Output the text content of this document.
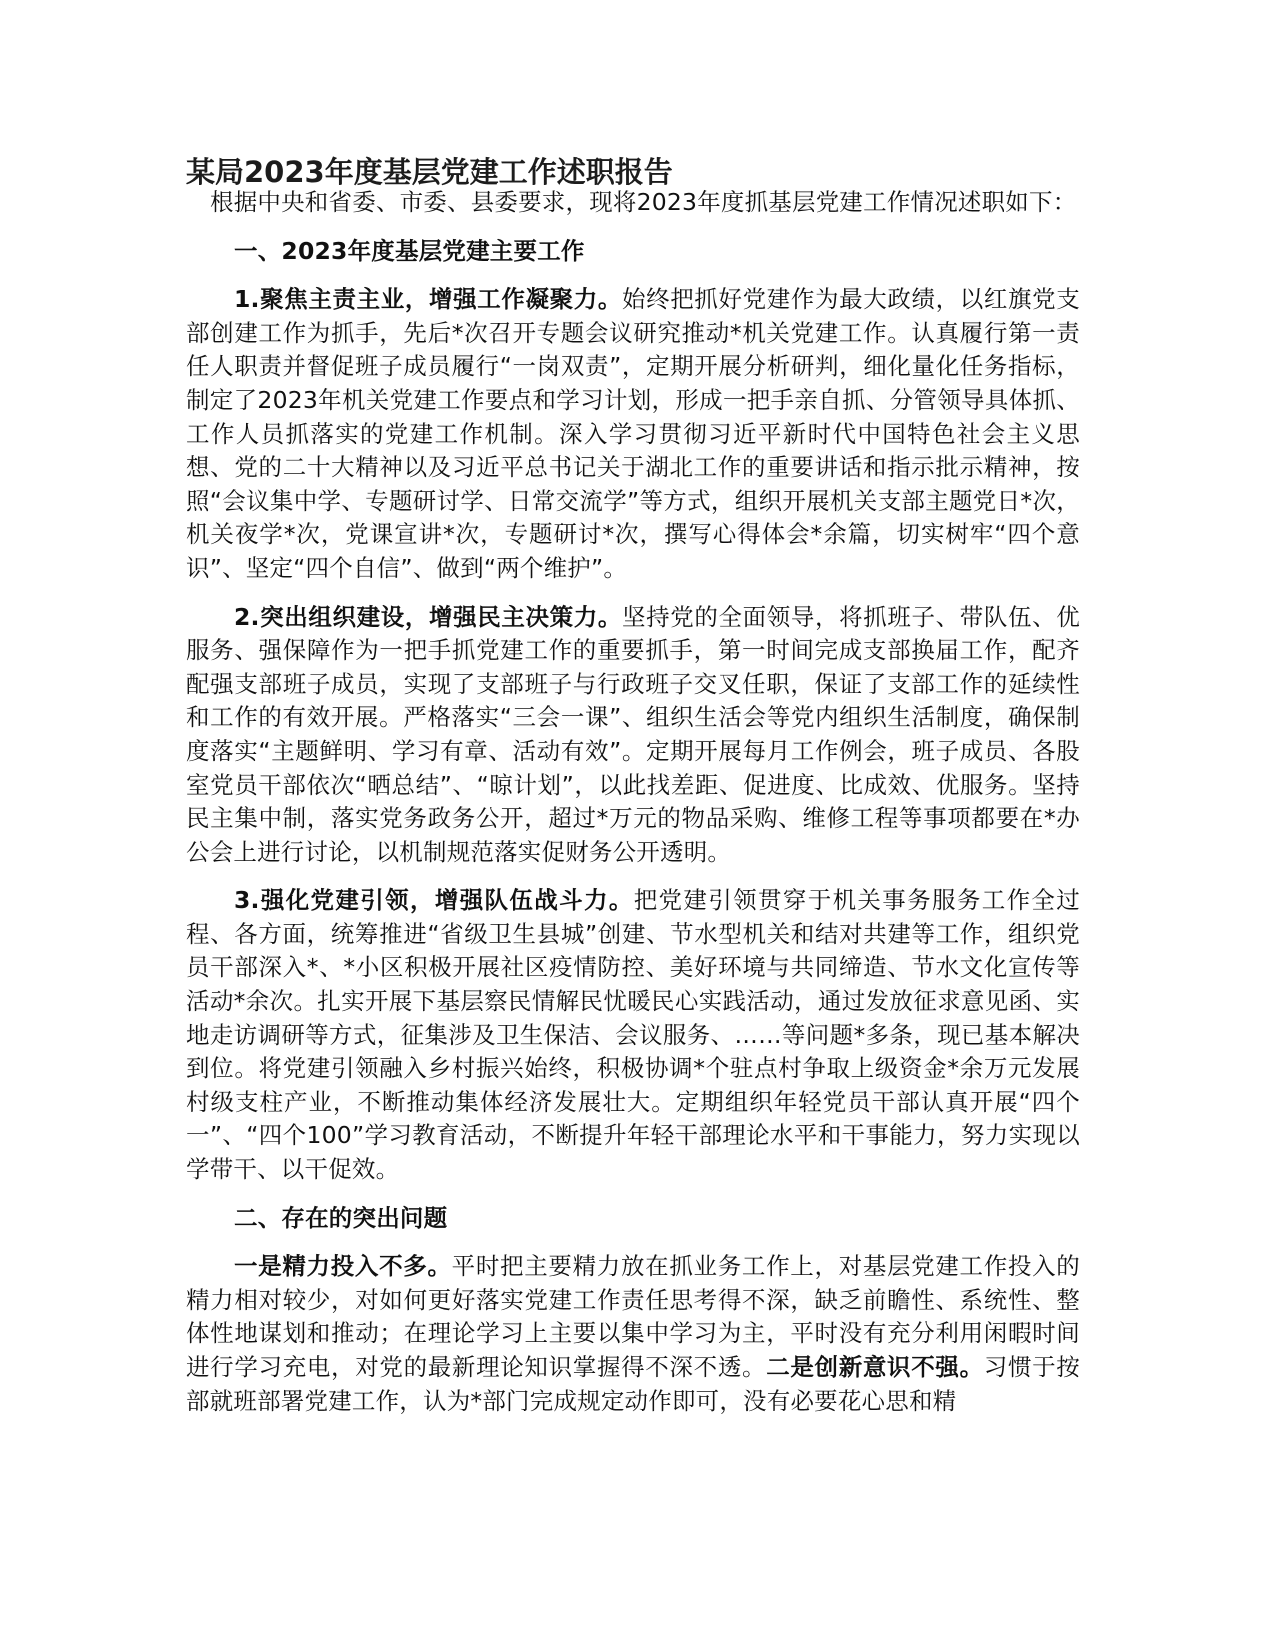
某局2023年度基层党建工作述职报告

根据中央和省委、市委、县委要求，现将2023年度抓基层党建工作情况述职如下：

一、2023年度基层党建主要工作

1.聚焦主责主业，增强工作凝聚力。始终把抓好党建作为最大政绩，以红旗党支部创建工作为抓手，先后*次召开专题会议研究推动*机关党建工作。认真履行第一责任人职责并督促班子成员履行“一岗双责”，定期开展分析研判，细化量化任务指标，制定了2023年机关党建工作要点和学习计划，形成一把手亲自抓、分管领导具体抓、工作人员抓落实的党建工作机制。深入学习贯彻习近平新时代中国特色社会主义思想、党的二十大精神以及习近平总书记关于湖北工作的重要讲话和指示批示精神，按照“会议集中学、专题研讨学、日常交流学”等方式，组织开展机关支部主题党日*次，机关夜学*次，党课宣讲*次，专题研讨*次，撰写心得体会*余篇，切实树牢“四个意识”、坚定“四个自信”、做到“两个维护”。

2.突出组织建设，增强民主决策力。坚持党的全面领导，将抓班子、带队伍、优服务、强保障作为一把手抓党建工作的重要抓手，第一时间完成支部换届工作，配齐配强支部班子成员，实现了支部班子与行政班子交叉任职，保证了支部工作的延续性和工作的有效开展。严格落实“三会一课”、组织生活会等党内组织生活制度，确保制度落实“主题鲜明、学习有章、活动有效”。定期开展每月工作例会，班子成员、各股室党员干部依次“晒总结”、“晾计划”，以此找差距、促进度、比成效、优服务。坚持民主集中制，落实党务政务公开，超过*万元的物品采购、维修工程等事项都要在*办公会上进行讨论，以机制规范落实促财务公开透明。

3.强化党建引领，增强队伍战斗力。把党建引领贯穿于机关事务服务工作全过程、各方面，统筹推进“省级卫生县城”创建、节水型机关和结对共建等工作，组织党员干部深入*、*小区积极开展社区疫情防控、美好环境与共同缔造、节水文化宣传等活动*余次。扎实开展下基层察民情解民忧暖民心实践活动，通过发放征求意见函、实地走访调研等方式，征集涉及卫生保洁、会议服务、……等问题*多条，现已基本解决到位。将党建引领融入乡村振兴始终，积极协调*个驻点村争取上级资金*余万元发展村级支柱产业，不断推动集体经济发展壮大。定期组织年轻党员干部认真开展“四个一”、“四个100”学习教育活动，不断提升年轻干部理论水平和干事能力，努力实现以学带干、以干促效。

二、存在的突出问题

一是精力投入不多。平时把主要精力放在抓业务工作上，对基层党建工作投入的精力相对较少，对如何更好落实党建工作责任思考得不深，缺乏前瞻性、系统性、整体性地谋划和推动；在理论学习上主要以集中学习为主，平时没有充分利用闲暇时间进行学习充电，对党的最新理论知识掌握得不深不透。二是创新意识不强。习惯于按部就班部署党建工作，认为*部门完成规定动作即可，没有必要花心思和精
